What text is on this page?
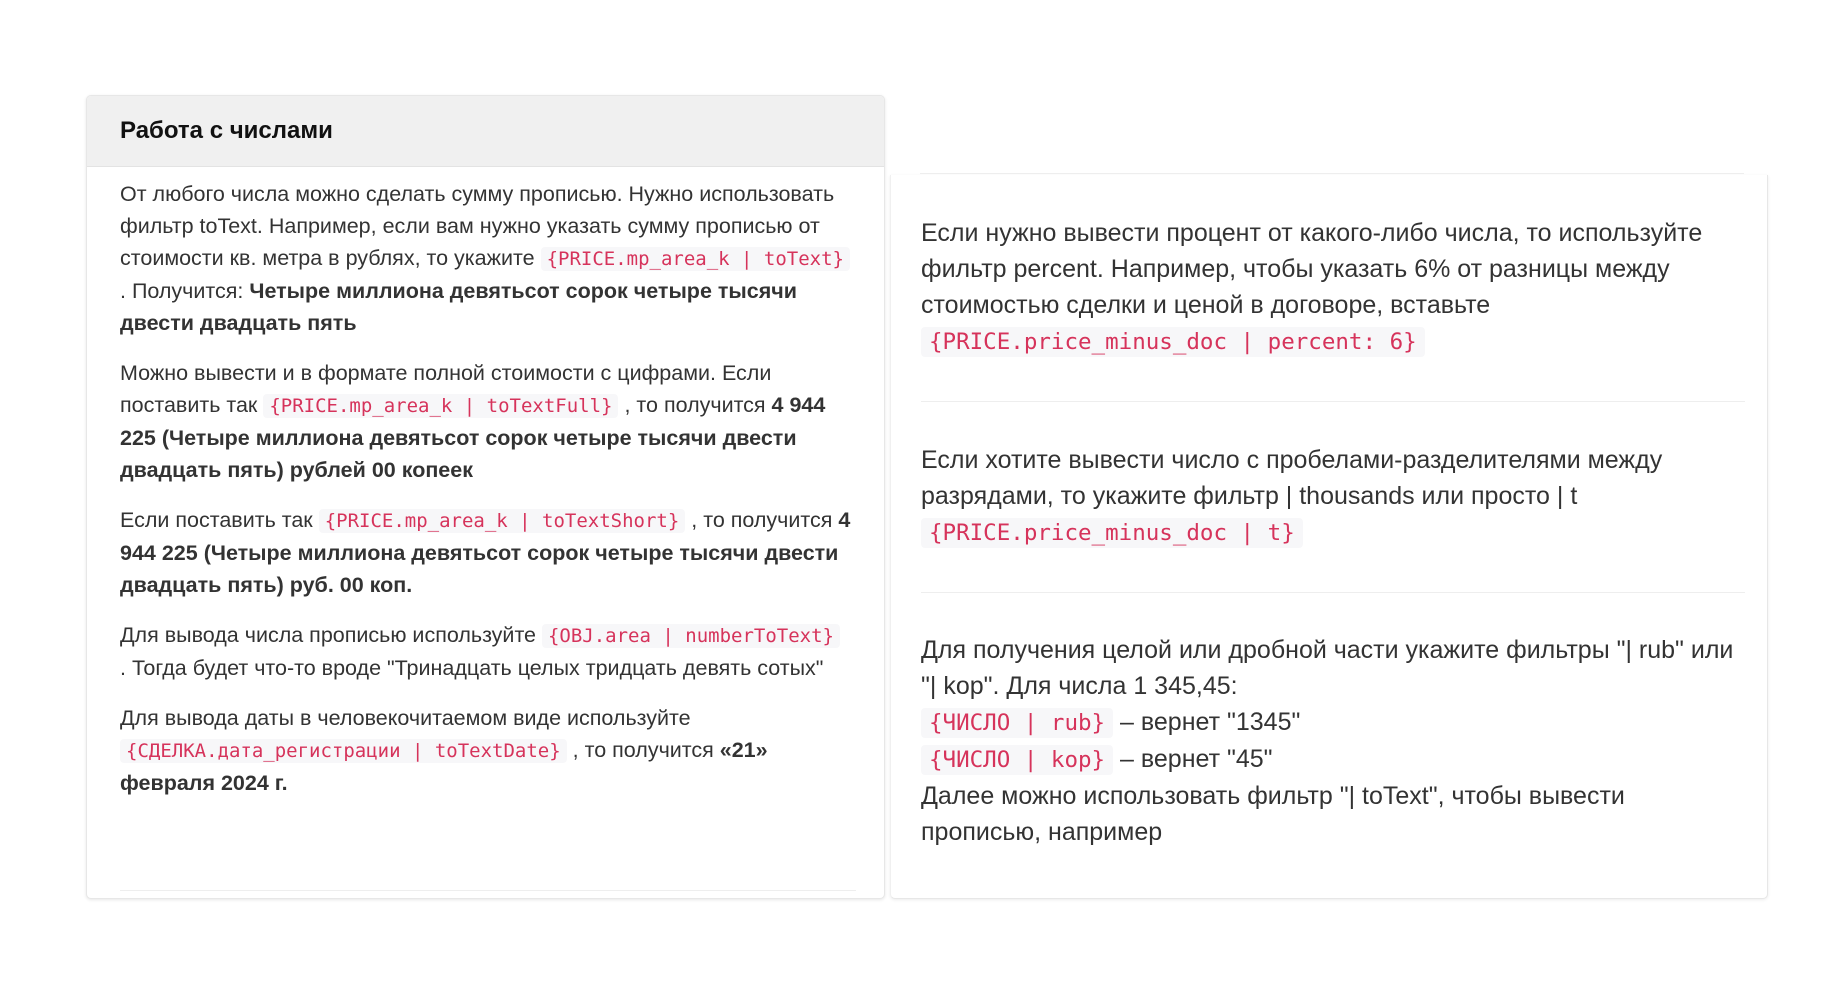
Работа с числами

От любого числа можно сделать сумму прописью. Нужно использовать фильтр toText. Например, если вам нужно указать сумму прописью от стоимости кв. метра в рублях, то укажите {PRICE.mp_area_k | toText} . Получится: Четыре миллиона девятьсот сорок четыре тысячи двести двадцать пять

Можно вывести и в формате полной стоимости с цифрами. Если поставить так {PRICE.mp_area_k | toTextFull} , то получится 4 944 225 (Четыре миллиона девятьсот сорок четыре тысячи двести двадцать пять) рублей 00 копеек

Если поставить так {PRICE.mp_area_k | toTextShort} , то получится 4 944 225 (Четыре миллиона девятьсот сорок четыре тысячи двести двадцать пять) руб. 00 коп.

Для вывода числа прописью используйте {OBJ.area | numberToText} . Тогда будет что-то вроде "Тринадцать целых тридцать девять сотых"

Для вывода даты в человекочитаемом виде используйте {СДЕЛКА.дата_регистрации | toTextDate} , то получится «21» февраля 2024 г.

Если нужно вывести процент от какого-либо числа, то используйте фильтр percent. Например, чтобы указать 6% от разницы между стоимостью сделки и ценой в договоре, вставьте
{PRICE.price_minus_doc | percent: 6}
Если хотите вывести число с пробелами-разделителями между разрядами, то укажите фильтр | thousands или просто | t
{PRICE.price_minus_doc | t}
Для получения целой или дробной части укажите фильтры "| rub" или "| kop". Для числа 1 345,45:
{ЧИСЛО | rub} – вернет "1345"
{ЧИСЛО | kop} – вернет "45"
Далее можно использовать фильтр "| toText", чтобы вывести прописью, например
